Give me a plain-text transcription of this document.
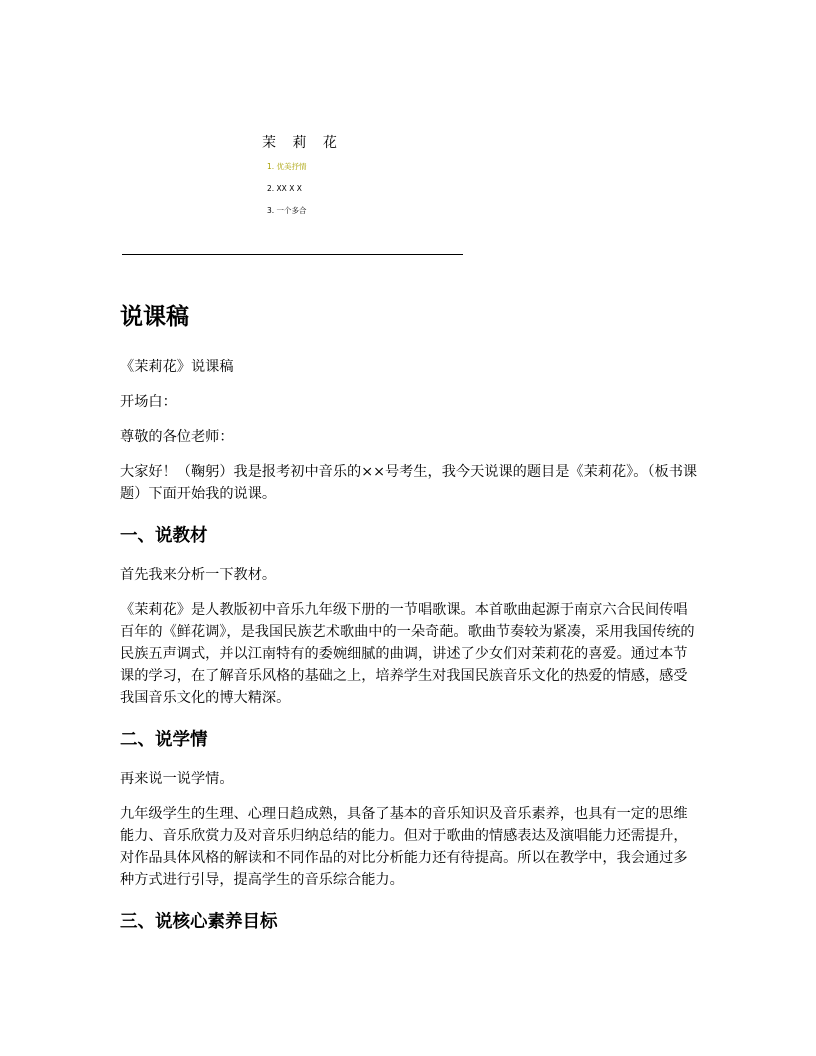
茉 莉 花
1. 优美抒情
2. XX X X
3. 一个多合
说课稿

《茉莉花》说课稿

开场白：

尊敬的各位老师：

大家好！（鞠躬）我是报考初中音乐的××号考生，我今天说课的题目是《茉莉花》。（板书课题）下面开始我的说课。

一、说教材

首先我来分析一下教材。

《茉莉花》是人教版初中音乐九年级下册的一节唱歌课。本首歌曲起源于南京六合民间传唱百年的《鲜花调》，是我国民族艺术歌曲中的一朵奇葩。歌曲节奏较为紧凑，采用我国传统的民族五声调式，并以江南特有的委婉细腻的曲调，讲述了少女们对茉莉花的喜爱。通过本节课的学习，在了解音乐风格的基础之上，培养学生对我国民族音乐文化的热爱的情感，感受我国音乐文化的博大精深。

二、说学情

再来说一说学情。

九年级学生的生理、心理日趋成熟，具备了基本的音乐知识及音乐素养，也具有一定的思维能力、音乐欣赏力及对音乐归纳总结的能力。但对于歌曲的情感表达及演唱能力还需提升，对作品具体风格的解读和不同作品的对比分析能力还有待提高。所以在教学中，我会通过多种方式进行引导，提高学生的音乐综合能力。

三、说核心素养目标
